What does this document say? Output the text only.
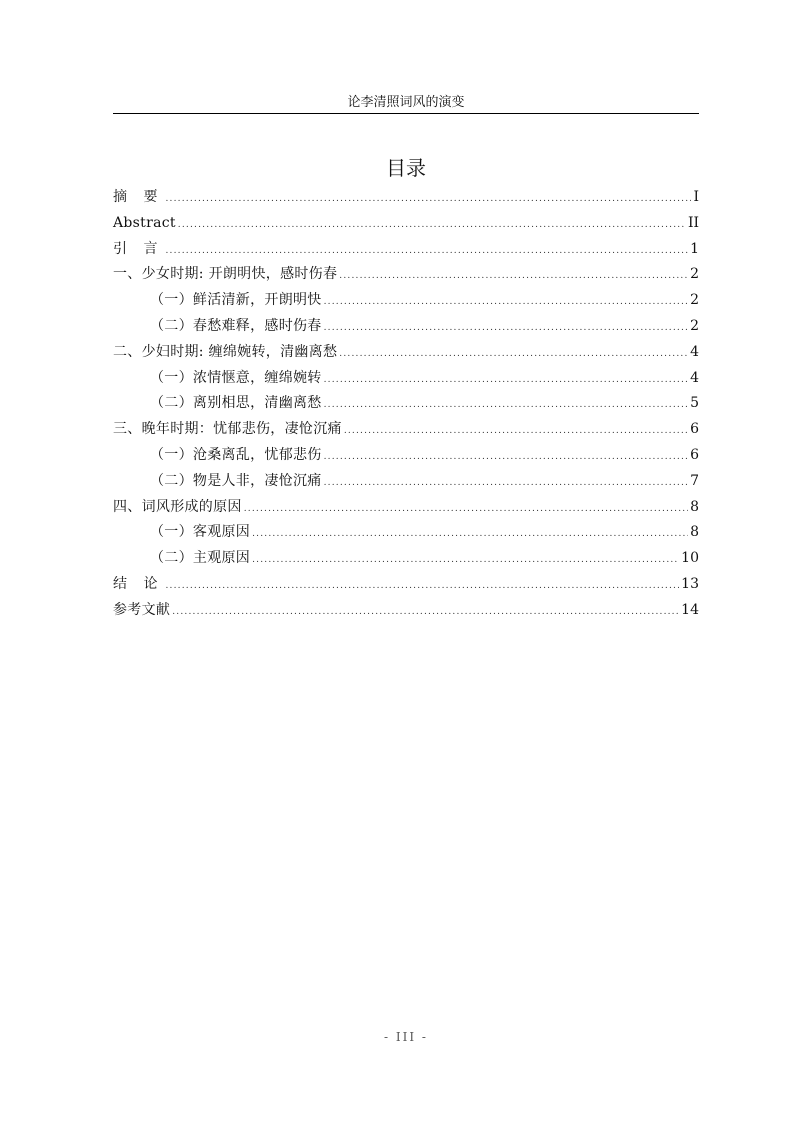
论李清照词风的演变
目录
摘 要 .....	I
Abstract .....	II
引 言 .....	1
一、少女时期: 开朗明快，感时伤春 .....	2
（一）鲜活清新，开朗明快 .....	2
（二）春愁难释，感时伤春 .....	2
二、少妇时期: 缠绵婉转，清幽离愁 .....	4
（一）浓情惬意，缠绵婉转 .....	4
（二）离别相思，清幽离愁 .....	5
三、晚年时期：忧郁悲伤，凄怆沉痛 .....	6
（一）沧桑离乱，忧郁悲伤 .....	6
（二）物是人非，凄怆沉痛 .....	7
四、词风形成的原因 .....	8
（一）客观原因 .....	8
（二）主观原因 .....	10
结 论 .....	13
参考文献 .....	14
- III -
